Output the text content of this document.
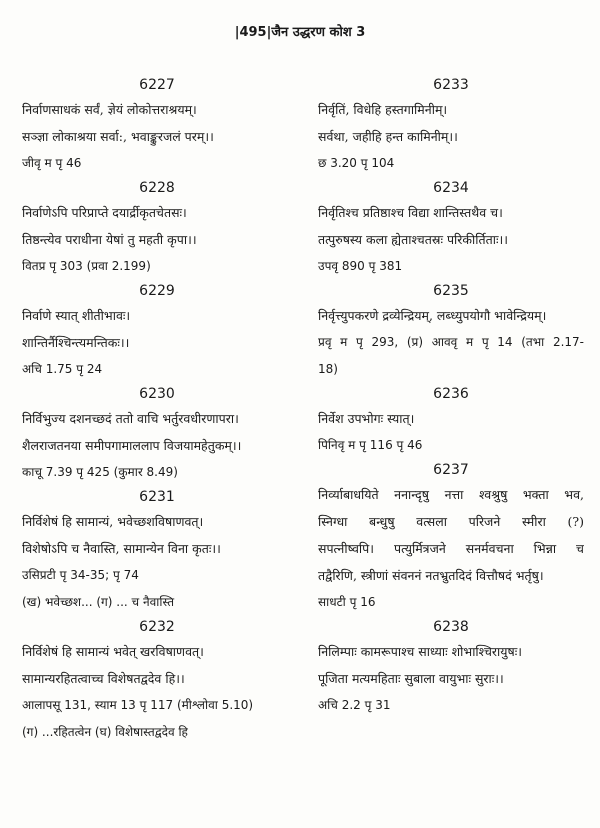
|495|जैन उद्धरण कोश 3
6227
निर्वाणसाधकं सर्वं, ज्ञेयं लोकोत्तराश्रयम्।
सञ्ज्ञा लोकाश्रया सर्वा:, भवाङ्कुरजलं परम्।।
जीवृ म पृ 46
6228
निर्वाणेऽपि परिप्राप्ते दयार्द्रीकृतचेतसः।
तिष्ठन्त्येव पराधीना येषां तु महती कृपा।।
वितप्र पृ 303 (प्रवा 2.199)
6229
निर्वाणे स्यात् शीतीभावः।
शान्तिर्नैश्चिन्त्यमन्तिकः।।
अचि 1.75 पृ 24
6230
निर्विभुज्य दशनच्छदं ततो वाचि भर्तुरवधीरणापरा।
शैलराजतनया समीपगामाललाप विजयामहेतुकम्।।
काचू 7.39 पृ 425 (कुमार 8.49)
6231
निर्विशेषं हि सामान्यं, भवेच्छशविषाणवत्।
विशेषोऽपि च नैवास्ति, सामान्येन विना कृतः।।
उसिप्रटी पृ 34-35; पृ 74
(ख) भवेच्छश... (ग) ... च नैवास्ति
6232
निर्विशेषं हि सामान्यं भवेत् खरविषाणवत्।
सामान्यरहितत्वाच्च विशेषतद्वदेव हि।।
आलापसू 131, स्याम 13 पृ 117 (मीश्लोवा 5.10)
(ग) ...रहितत्वेन (घ) विशेषास्तद्वदेव हि
6233
निर्वृतिं, विधेहि हस्तगामिनीम्।
सर्वथा, जहीहि हन्त कामिनीम्।।
छ 3.20 पृ 104
6234
निर्वृतिश्च प्रतिष्ठाश्च विद्या शान्तिस्तथैव च।
तत्पुरुषस्य कला ह्येताश्चतस्रः परिकीर्तिताः।।
उपवृ 890 पृ 381
6235
निर्वृत्त्युपकरणे द्रव्येन्द्रियम्, लब्ध्युपयोगौ भावेन्द्रियम्।
प्रवृ म पृ 293, (प्र) आववृ म पृ 14 (तभा 2.17-
18)
6236
निर्वेश उपभोगः स्यात्।
पिनिवृ म पृ 116 पृ 46
6237
निर्व्याबाधयिते ननान्दृषु नत्ता श्वश्रुषु भक्ता भव,
स्निग्धा बन्धुषु वत्सला परिजने स्मीरा (?)
सपत्नीष्वपि। पत्युर्मित्रजने सनर्मवचना भिन्ना च
तद्वैरिणि, स्त्रीणां संवननं नतभ्रुतदिदं वित्तौषदं भर्तृषु।
साधटी पृ 16
6238
निलिम्पाः कामरूपाश्च साध्याः शोभाश्चिरायुषः।
पूजिता मत्यमहिताः सुबाला वायुभाः सुराः।।
अचि 2.2 पृ 31
